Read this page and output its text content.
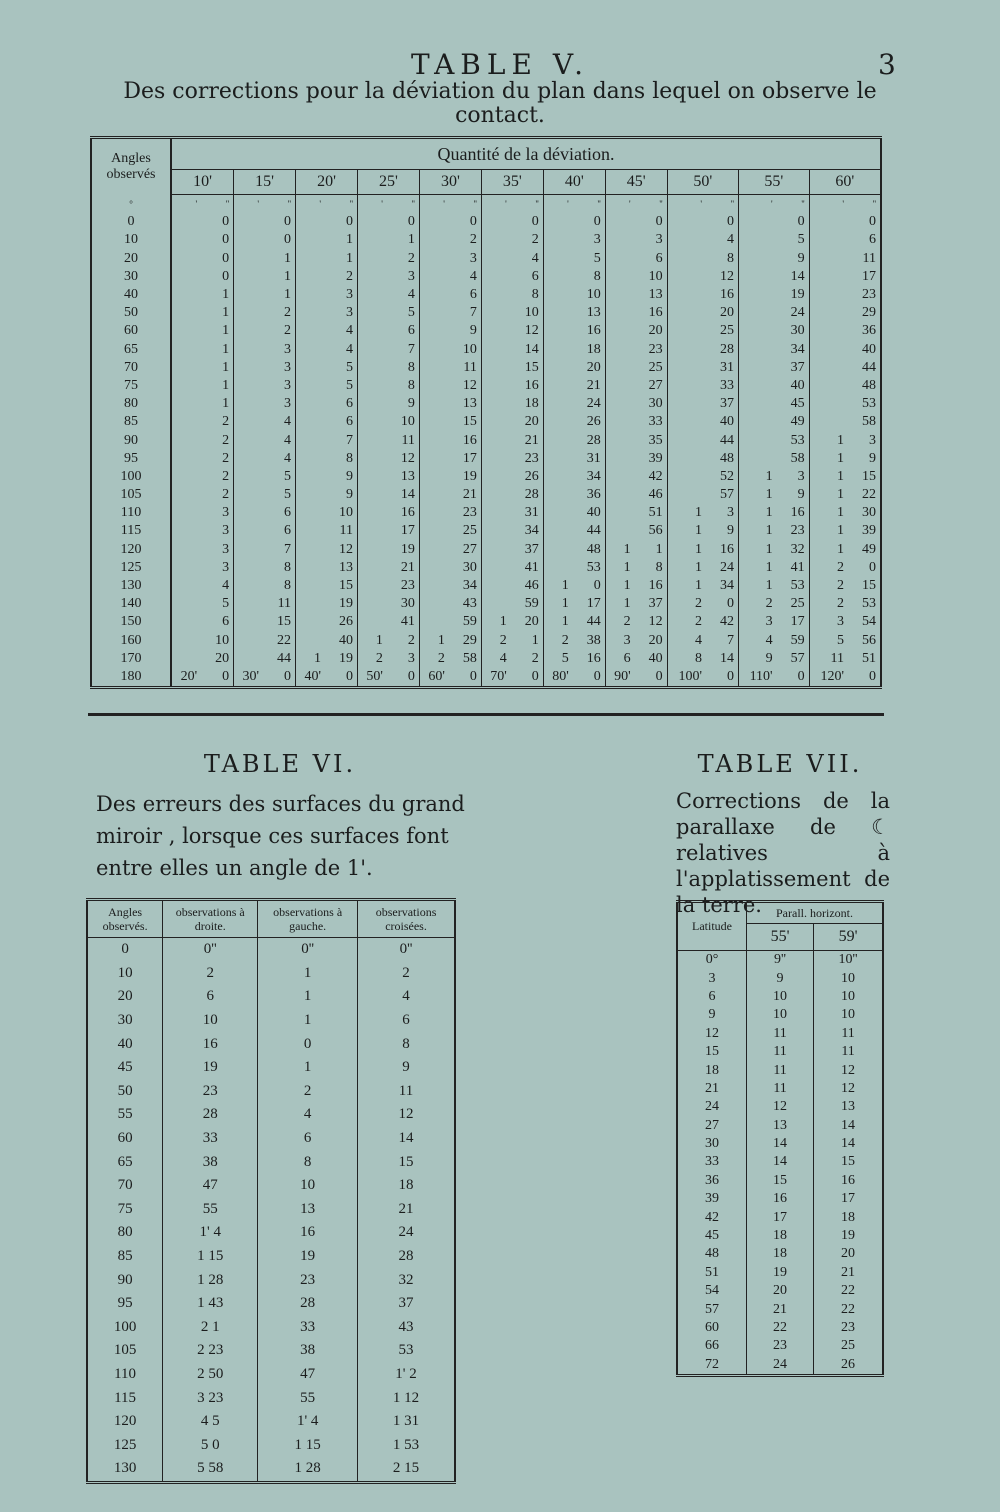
TABLE V.	3
Des corrections pour la déviation du plan dans lequel on observe le contact.
Angles observés	Quantité de la déviation.																					
	10'		15'		20'		25'		30'		35'		40'		45'		50'		55'		60'	
°	'	''	'	''	'	''	'	''	'	''	'	''	'	''	'	''	'	''	'	''	'	''
0		0		0		0		0		0		0		0		0		0		0		0
10		0		0		1		1		2		2		3		3		4		5		6
20		0		1		1		2		3		4		5		6		8		9		11
30		0		1		2		3		4		6		8		10		12		14		17
40		1		1		3		4		6		8		10		13		16		19		23
50		1		2		3		5		7		10		13		16		20		24		29
60		1		2		4		6		9		12		16		20		25		30		36
65		1		3		4		7		10		14		18		23		28		34		40
70		1		3		5		8		11		15		20		25		31		37		44
75		1		3		5		8		12		16		21		27		33		40		48
80		1		3		6		9		13		18		24		30		37		45		53
85		2		4		6		10		15		20		26		33		40		49		58
90		2		4		7		11		16		21		28		35		44		53	1	3
95		2		4		8		12		17		23		31		39		48		58	1	9
100		2		5		9		13		19		26		34		42		52	1	3	1	15
105		2		5		9		14		21		28		36		46		57	1	9	1	22
110		3		6		10		16		23		31		40		51	1	3	1	16	1	30
115		3		6		11		17		25		34		44		56	1	9	1	23	1	39
120		3		7		12		19		27		37		48	1	1	1	16	1	32	1	49
125		3		8		13		21		30		41		53	1	8	1	24	1	41	2	0
130		4		8		15		23		34		46	1	0	1	16	1	34	1	53	2	15
140		5		11		19		30		43		59	1	17	1	37	2	0	2	25	2	53
150		6		15		26		41		59	1	20	1	44	2	12	2	42	3	17	3	54
160		10		22		40	1	2	1	29	2	1	2	38	3	20	4	7	4	59	5	56
170		20		44	1	19	2	3	2	58	4	2	5	16	6	40	8	14	9	57	11	51
180	20'	0	30'	0	40'	0	50'	0	60'	0	70'	0	80'	0	90'	0	100'	0	110'	0	120'	0
TABLE VI.
Des erreurs des surfaces du grand miroir , lorsque ces surfaces font entre elles un angle de 1'.
Angles observés.	observations à droite.	observations à gauche.	observations croisées.
0	0''	0''	0''
10	2	1	2
20	6	1	4
30	10	1	6
40	16	0	8
45	19	1	9
50	23	2	11
55	28	4	12
60	33	6	14
65	38	8	15
70	47	10	18
75	55	13	21
80	1' 4	16	24
85	1 15	19	28
90	1 28	23	32
95	1 43	28	37
100	2 1	33	43
105	2 23	38	53
110	2 50	47	1' 2
115	3 23	55	1 12
120	4 5	1' 4	1 31
125	5 0	1 15	1 53
130	5 58	1 28	2 15
TABLE VII.
Corrections de la parallaxe de ☾ relatives à l'applatissement de la terre.
Latitude	Parall. horizont.	
	55'	59'
0°	9''	10''
3	9	10
6	10	10
9	10	10
12	11	11
15	11	11
18	11	12
21	11	12
24	12	13
27	13	14
30	14	14
33	14	15
36	15	16
39	16	17
42	17	18
45	18	19
48	18	20
51	19	21
54	20	22
57	21	22
60	22	23
66	23	25
72	24	26
